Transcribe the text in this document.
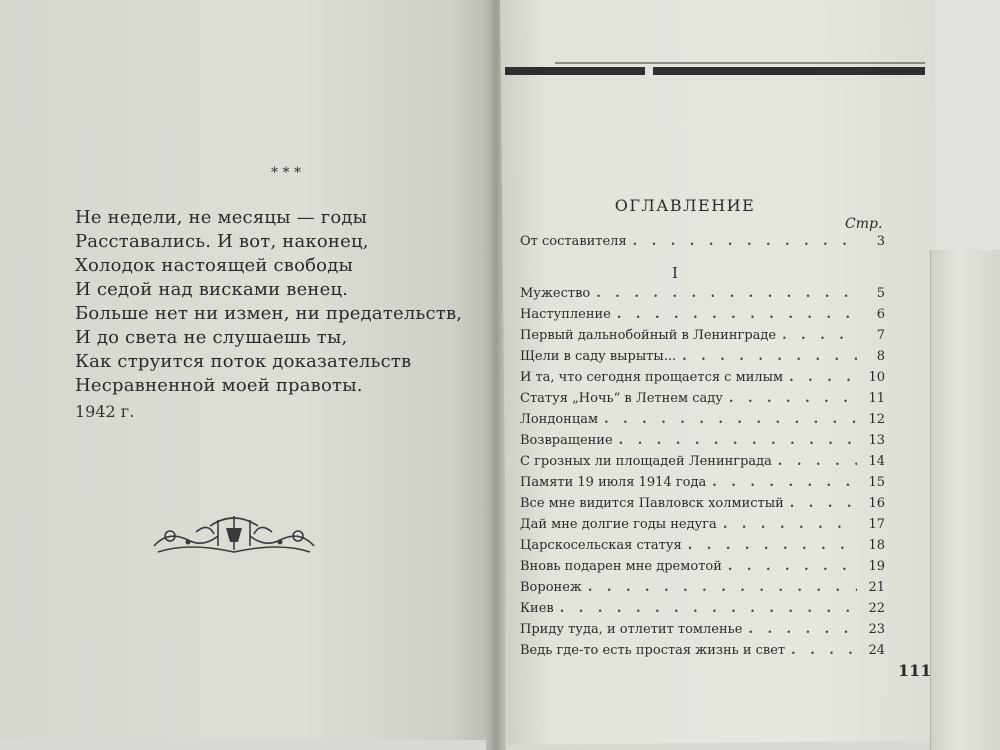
* * *
Не недели, не месяцы — годы
Расставались. И вот, наконец,
Холодок настоящей свободы
И седой над висками венец.
Больше нет ни измен, ни предательств,
И до света не слушаешь ты,
Как струится поток доказательств
Несравненной моей правоты.
1942 г.
ОГЛАВЛЕНИЕ
Стр.
От составителя . . .	3
I
Мужество . . .	5
Наступление . . .	6
Первый дальнобойный в Ленинграде . . .	7
Щели в саду вырыты... . . .	8
И та, что сегодня прощается с милым . . .	10
Статуя „Ночь“ в Летнем саду . . .	11
Лондонцам . . .	12
Возвращение . . .	13
С грозных ли площадей Ленинграда . . .	14
Памяти 19 июля 1914 года . . .	15
Все мне видится Павловск холмистый . . .	16
Дай мне долгие годы недуга . . .	17
Царскосельская статуя . . .	18
Вновь подарен мне дремотой . . .	19
Воронеж . . .	21
Киев . . .	22
Приду туда, и отлетит томленье . . .	23
Ведь где-то есть простая жизнь и свет . . .	24
111
